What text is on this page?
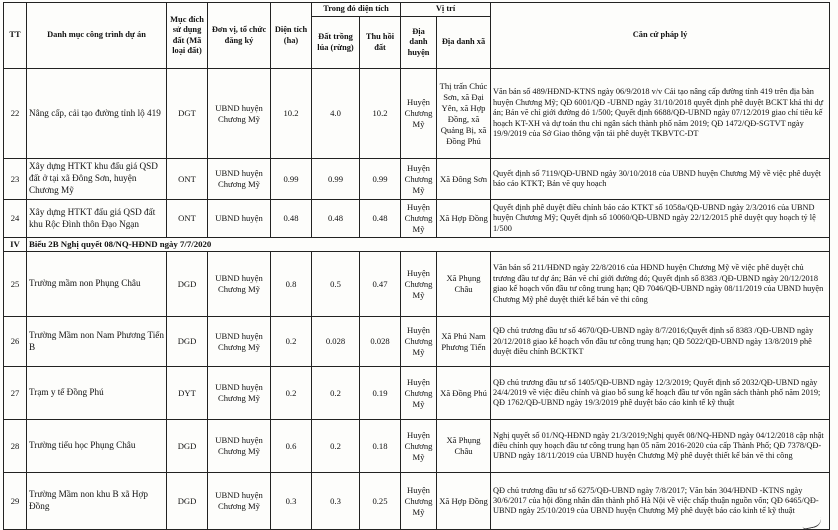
TT	Danh mục công trình dự án	Mục đích sử dụng đất (Mã loại đất)	Đơn vị, tổ chức đăng ký	Diện tích (ha)	Trong đó diện tích		Vị trí		Căn cứ pháp lý
					Đất trồng lúa (rừng)	Thu hồi đất	Địa danh huyện	Địa danh xã	
22	Nâng cấp, cải tạo đường tỉnh lộ 419	DGT	UBND huyện Chương Mỹ	10.2	4.0	10.2	Huyện Chương Mỹ	Thị trấn Chúc Sơn, xã Đại Yên, xã Hợp Đồng, xã Quảng Bị, xã Đồng Phú	Văn bản số 489/HĐND-KTNS ngày 06/9/2018 v/v Cải tạo nâng cấp đường tỉnh 419 trên địa bàn huyện Chương Mỹ; QĐ 6001/QĐ -UBND ngày 31/10/2018 quyết định phê duyệt BCKT khả thi dự án; Bản vẽ chỉ giới đường đỏ 1/500; Quyết định 6688/QĐ-UBND ngày 07/12/2019 giao chỉ tiêu kế hoạch KT-XH và dự toán thu chi ngân sách thành phố năm 2019; QĐ 1472/QĐ-SGTVT ngày 19/9/2019 của Sở Giao thông vận tải phê duyệt TKBVTC-DT
23	Xây dựng HTKT khu đấu giá QSD đất ở tại xã Đông Sơn, huyện Chương Mỹ	ONT	UBND huyện Chương Mỹ	0.99	0.99	0.99	Huyện Chương Mỹ	Xã Đông Sơn	Quyết định số 7119/QĐ-UBND ngày 30/10/2018 của UBND huyện Chương Mỹ về việc phê duyệt báo cáo KTKT; Bản vẽ quy hoạch
24	Xây dựng HTKT đấu giá QSD đất khu Rộc Đình thôn Đạo Ngạn	ONT	UBND huyện	0.48	0.48	0.48	Huyện Chương Mỹ	Xã Hợp Đồng	Quyết định phê duyệt điều chỉnh báo cáo KTKT số 1058a/QĐ-UBND ngày 2/3/2016 của UBND huyện Chương Mỹ; Quyết định số 10060/QĐ-UBND ngày 22/12/2015 phê duyệt quy hoạch tỷ lệ 1/500
IV	Biểu 2B Nghị quyết 08/NQ-HĐND ngày 7/7/2020								
25	Trường mầm non Phụng Châu	DGD	UBND huyện Chương Mỹ	0.8	0.5	0.47	Huyện Chương Mỹ	Xã Phụng Châu	Văn bản số 211/HĐND ngày 22/8/2016 của HĐND huyện Chương Mỹ về việc phê duyệt chủ trương đầu tư dự án; Bản vẽ chỉ giới đường đỏ; Quyết định số 8383 /QĐ-UBND ngày 20/12/2018 giao kế hoạch vốn đầu tư công trung hạn; QĐ 7046/QĐ-UBND ngày 08/11/2019 của UBND huyện Chương Mỹ phê duyệt thiết kế bản vẽ thi công
26	Trường Mầm non Nam Phương Tiến B	DGD	UBND huyện Chương Mỹ	0.2	0.028	0.028	Huyện Chương Mỹ	Xã Phú Nam Phương Tiến	QĐ chủ trương đầu tư số 4670/QĐ-UBND ngày 8/7/2016;Quyết định số 8383 /QĐ-UBND ngày 20/12/2018 giao kế hoạch vốn đầu tư công trung hạn; QĐ 5022/QĐ-UBND ngày 13/8/2019 phê duyệt điều chỉnh BCKTKT
27	Trạm y tế Đồng Phú	DYT	UBND huyện Chương Mỹ	0.2	0.2	0.19	Huyện Chương Mỹ	Xã Đồng Phú	QĐ chủ trương đầu tư số 1405/QĐ-UBND ngày 12/3/2019; Quyết định số 2032/QĐ-UBND ngày 24/4/2019 về việc điều chỉnh và giao bổ sung kế hoạch đầu tư vốn ngân sách thành phố năm 2019; QĐ 1762/QĐ-UBND ngày 19/3/2019 phê duyệt báo cáo kinh tế kỹ thuật
28	Trường tiểu học Phụng Châu	DGD	UBND huyện Chương Mỹ	0.6	0.2	0.18	Huyện Chương Mỹ	Xã Phụng Châu	Nghị quyết số 01/NQ-HĐND ngày 21/3/2019;Nghị quyết 08/NQ-HĐND ngày 04/12/2018 cập nhật điều chỉnh quy hoạch đầu tư công trung hạn 05 năm 2016-2020 của cấp Thành Phố; QĐ 7378/QĐ-UBND ngày 18/11/2019 của UBND huyện Chương Mỹ phê duyệt thiết kế bản vẽ thi công
29	Trường Mầm non khu B xã Hợp Đồng	DGD	UBND huyện Chương Mỹ	0.3	0.3	0.25	Huyện Chương Mỹ	Xã Hợp Đồng	QĐ chủ trương đầu tư số 6275/QĐ-UBND ngày 7/8/2017; Văn bản 304/HĐND -KTNS ngày 30/6/2017 của hội đồng nhân dân thành phố Hà Nội về việc chấp thuận nguồn vốn; QĐ 6465/QĐ-UBND ngày 25/10/2019 của UBND huyện Chương Mỹ phê duyệt báo cáo kinh tế kỹ thuật
